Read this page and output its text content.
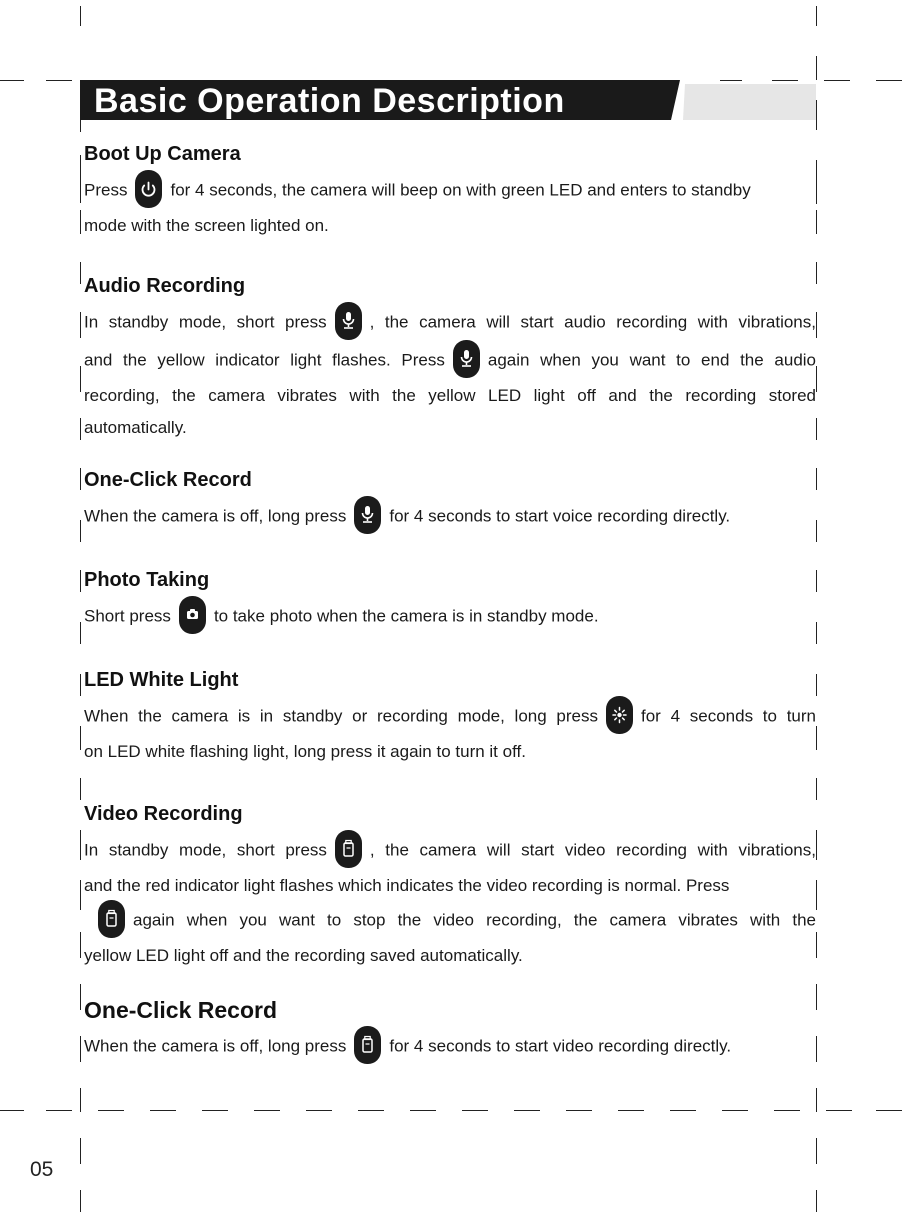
Basic Operation Description
Boot Up Camera
Press	for 4 seconds, the camera will beep on with green LED and enters to standby
mode with the screen lighted on.
Audio Recording
In standby mode, short press	, the camera will start audio recording with vibrations,
and the yellow indicator light flashes. Press	again when you want to end the audio
recording, the camera vibrates with the yellow LED light off and the recording stored
automatically.
One-Click Record
When the camera is off, long press	for 4 seconds to start voice recording directly.
Photo Taking
Short press	to take photo when the camera is in standby mode.
LED White Light
When the camera is in standby or recording mode, long press	for 4 seconds to turn
on LED white flashing light, long press it again to turn it off.
Video Recording
In standby mode, short press	, the camera will start video recording with vibrations,
and the red indicator light flashes which indicates the video recording is normal. Press
again when you want to stop the video recording, the camera vibrates with the
yellow LED light off and the recording saved automatically.
One-Click Record
When the camera is off, long press	for 4 seconds to start video recording directly.
05
